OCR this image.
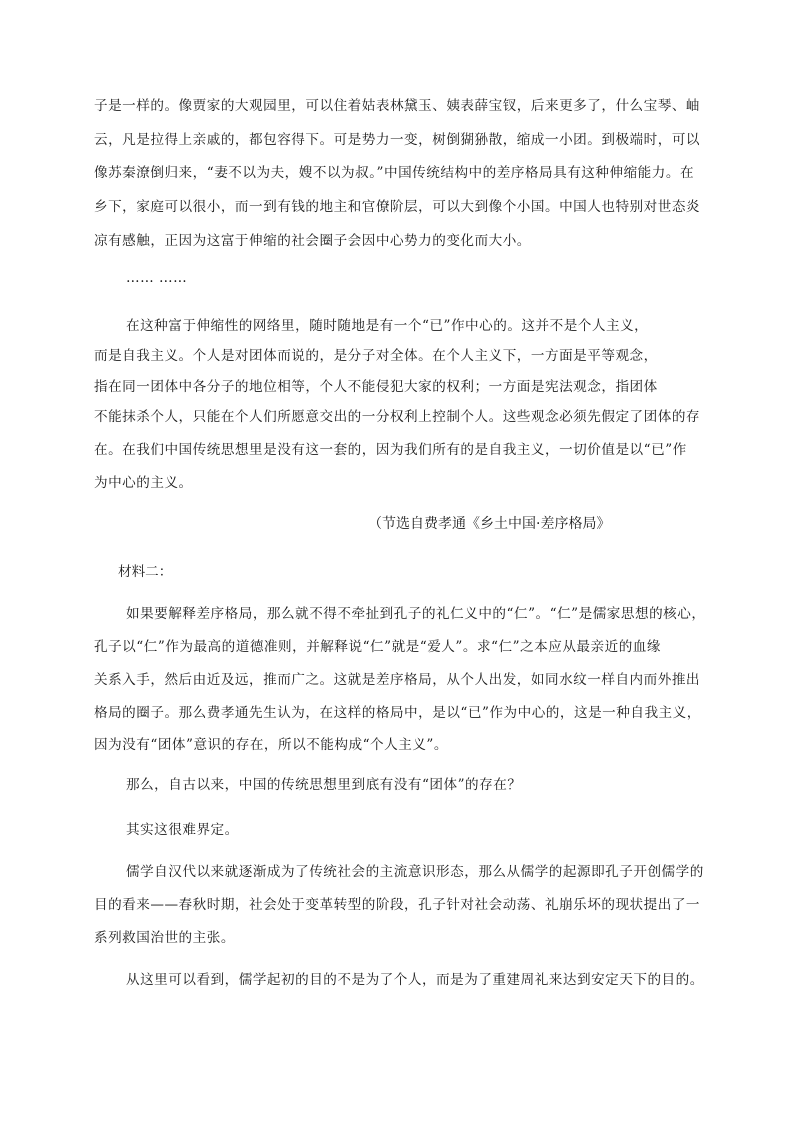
子是一样的。像贾家的大观园里，可以住着姑表林黛玉、姨表薛宝钗，后来更多了，什么宝琴、岫
云，凡是拉得上亲戚的，都包容得下。可是势力一变，树倒猢狲散，缩成一小团。到极端时，可以
像苏秦潦倒归来，“妻不以为夫，嫂不以为叔。”中国传统结构中的差序格局具有这种伸缩能力。在
乡下，家庭可以很小，而一到有钱的地主和官僚阶层，可以大到像个小国。中国人也特别对世态炎
凉有感触，正因为这富于伸缩的社会圈子会因中心势力的变化而大小。
…… ……
在这种富于伸缩性的网络里，随时随地是有一个“已”作中心的。这并不是个人主义，
而是自我主义。个人是对团体而说的，是分子对全体。在个人主义下，一方面是平等观念，
指在同一团体中各分子的地位相等，个人不能侵犯大家的权利；一方面是宪法观念，指团体
不能抹杀个人，只能在个人们所愿意交出的一分权利上控制个人。这些观念必须先假定了团体的存
在。在我们中国传统思想里是没有这一套的，因为我们所有的是自我主义，一切价值是以“已”作
为中心的主义。
（节选自费孝通《乡土中国·差序格局》
材料二：
如果要解释差序格局，那么就不得不牵扯到孔子的礼仁义中的“仁”。“仁”是儒家思想的核心，
孔子以“仁”作为最高的道德准则，并解释说“仁”就是“爱人”。求“仁”之本应从最亲近的血缘
关系入手，然后由近及远，推而广之。这就是差序格局，从个人出发，如同水纹一样自内而外推出
格局的圈子。那么费孝通先生认为，在这样的格局中，是以“已”作为中心的，这是一种自我主义，
因为没有“团体”意识的存在，所以不能构成“个人主义”。
那么，自古以来，中国的传统思想里到底有没有“团体”的存在？
其实这很难界定。
儒学自汉代以来就逐渐成为了传统社会的主流意识形态，那么从儒学的起源即孔子开创儒学的
目的看来——春秋时期，社会处于变革转型的阶段，孔子针对社会动荡、礼崩乐坏的现状提出了一
系列救国治世的主张。
从这里可以看到，儒学起初的目的不是为了个人，而是为了重建周礼来达到安定天下的目的。
